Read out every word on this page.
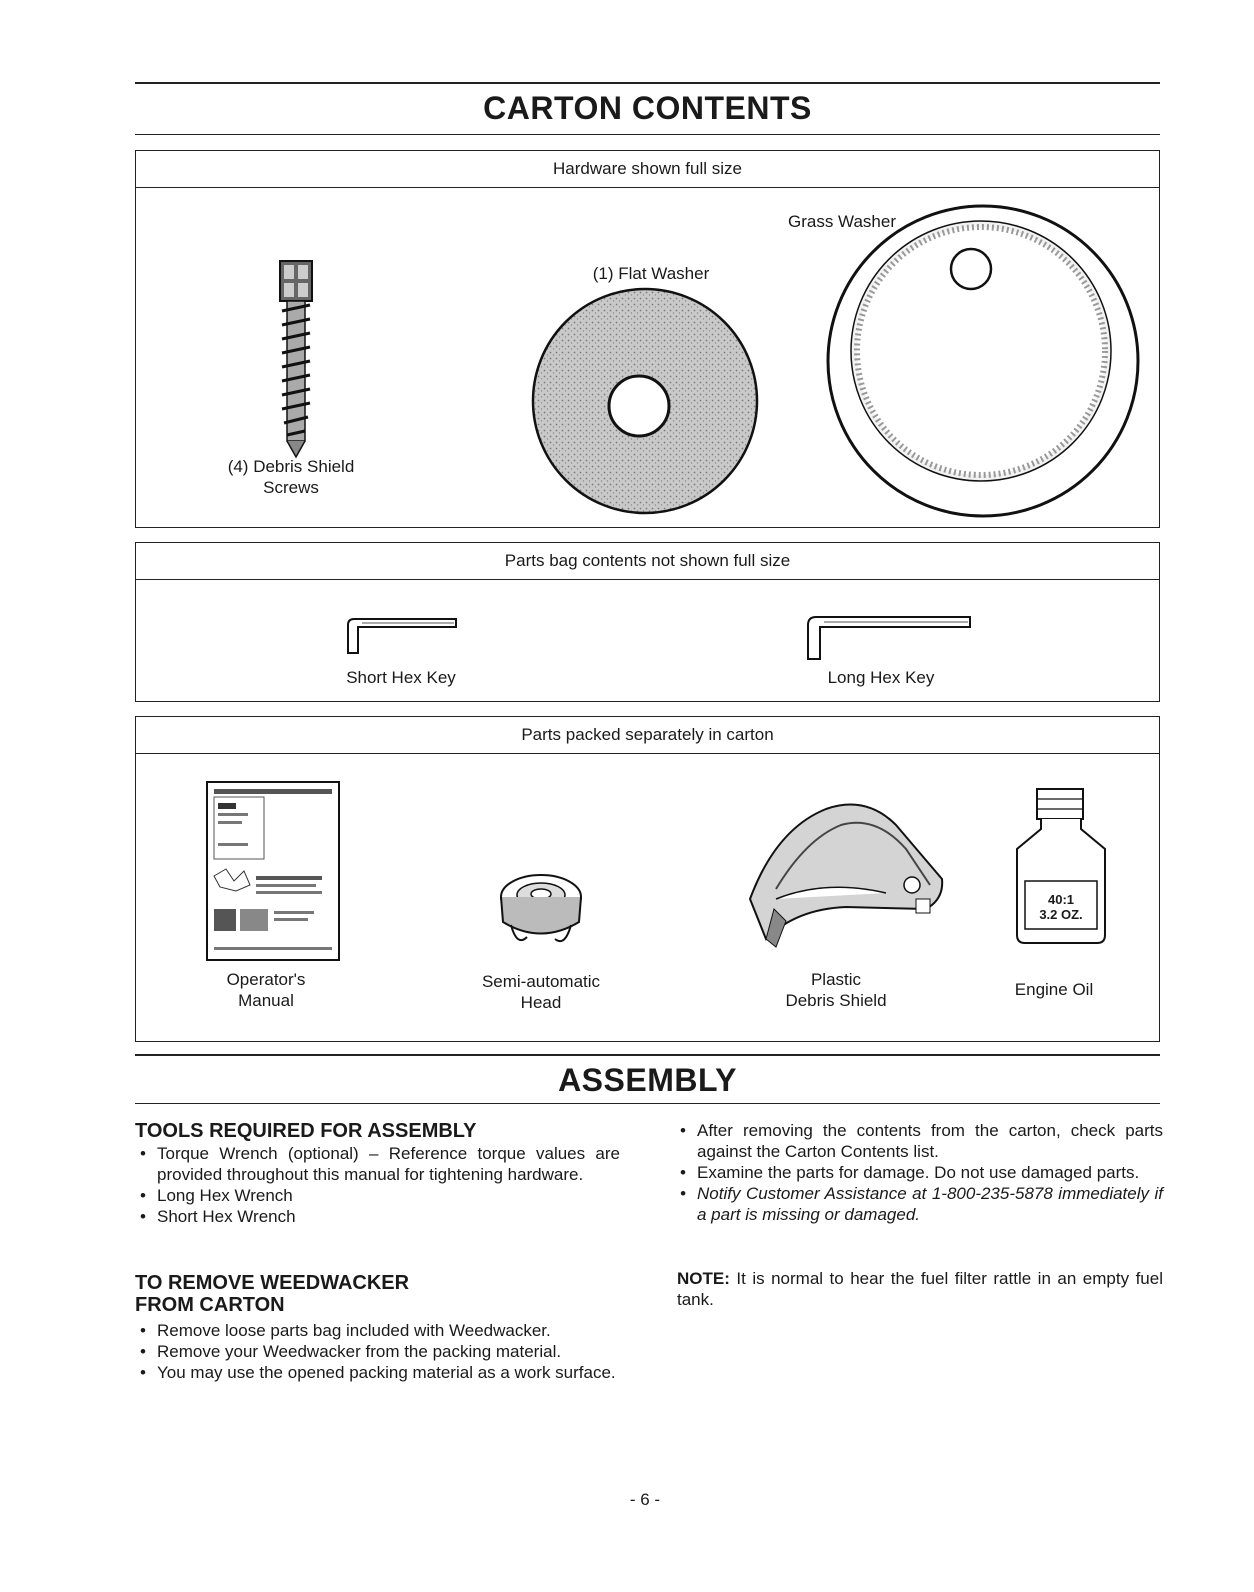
CARTON CONTENTS
Hardware shown full size
(4) Debris Shield
Screws
(1) Flat Washer
Grass Washer
Parts bag contents not shown full size
Short Hex Key	Long Hex Key
Parts packed separately in carton
Operator's
Manual
Semi-automatic
Head
Plastic
Debris Shield
40:1
3.2 OZ.
Engine Oil
ASSEMBLY
TOOLS REQUIRED FOR ASSEMBLY
• Torque Wrench (optional) – Reference torque values are provided throughout this manual for tightening hardware.
• Long Hex Wrench
• Short Hex Wrench
TO REMOVE WEEDWACKER
FROM CARTON
• Remove loose parts bag included with Weedwacker.
• Remove your Weedwacker from the packing material.
• You may use the opened packing material as a work surface.
• After removing the contents from the carton, check parts against the Carton Contents list.
• Examine the parts for damage. Do not use damaged parts.
• Notify Customer Assistance at 1-800-235-5878 immediately if a part is missing or damaged.
NOTE: It is normal to hear the fuel filter rattle in an empty fuel tank.
- 6 -
